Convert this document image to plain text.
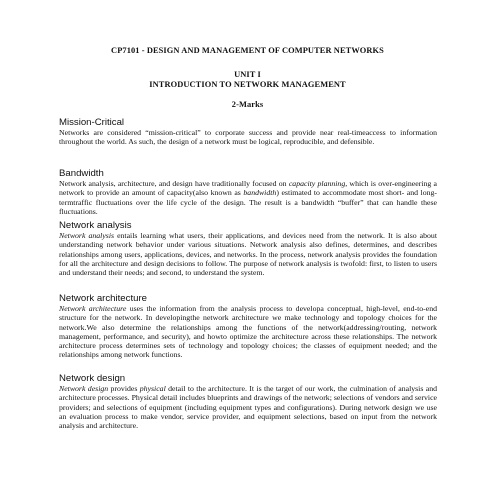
CP7101 - DESIGN AND MANAGEMENT OF COMPUTER NETWORKS
UNIT I
INTRODUCTION TO NETWORK MANAGEMENT
2-Marks
Mission-Critical
Networks are considered “mission-critical” to corporate success and provide near real-timeaccess to information throughout the world. As such, the design of a network must be logical, reproducible, and defensible.
Bandwidth
Network analysis, architecture, and design have traditionally focused on capacity planning, which is over-engineering a network to provide an amount of capacity(also known as bandwidth) estimated to accommodate most short- and long-termtraffic fluctuations over the life cycle of the design. The result is a bandwidth “buffer” that can handle these fluctuations.
Network analysis
Network analysis entails learning what users, their applications, and devices need from the network. It is also about understanding network behavior under various situations. Network analysis also defines, determines, and describes relationships among users, applications, devices, and networks. In the process, network analysis provides the foundation for all the architecture and design decisions to follow. The purpose of network analysis is twofold: first, to listen to users and understand their needs; and second, to understand the system.
Network architecture
Network architecture uses the information from the analysis process to developa conceptual, high-level, end-to-end structure for the network. In developingthe network architecture we make technology and topology choices for the network.We also determine the relationships among the functions of the network(addressing/routing, network management, performance, and security), and howto optimize the architecture across these relationships. The network architecture process determines sets of technology and topology choices; the classes of equipment needed; and the relationships among network functions.
Network design
Network design provides physical detail to the architecture. It is the target of our work, the culmination of analysis and architecture processes. Physical detail includes blueprints and drawings of the network; selections of vendors and service providers; and selections of equipment (including equipment types and configurations). During network design we use an evaluation process to make vendor, service provider, and equipment selections, based on input from the network analysis and architecture.
